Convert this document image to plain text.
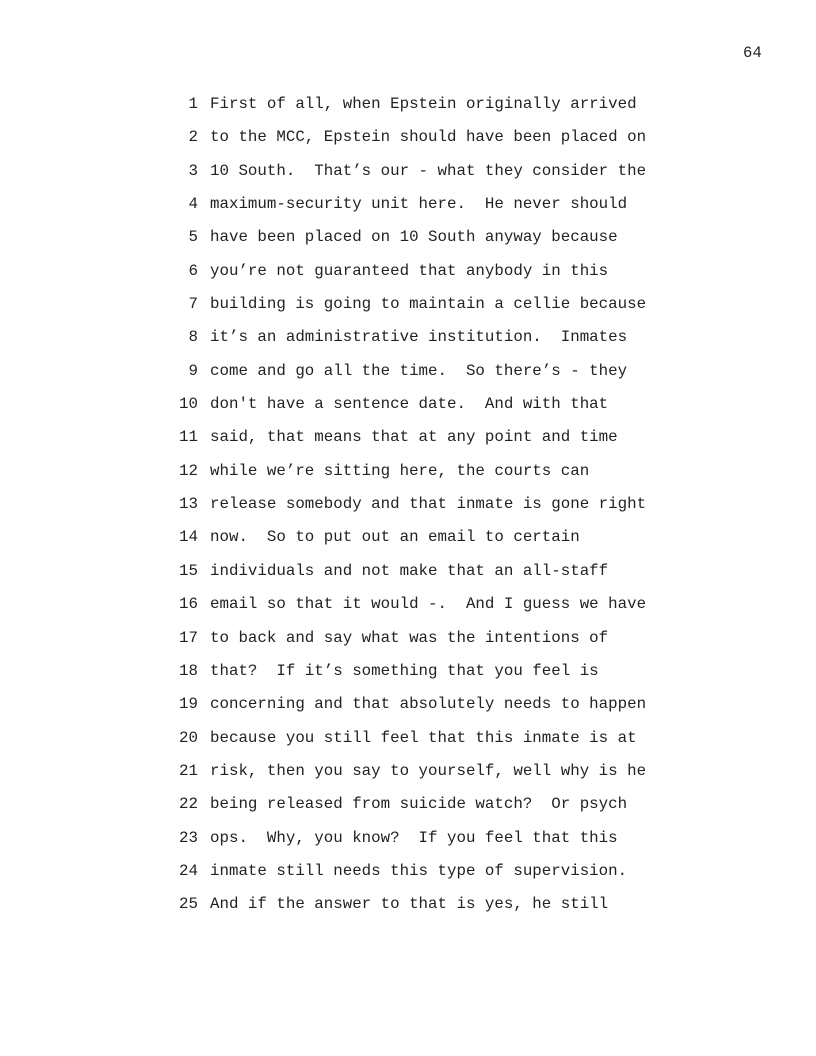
64
1 First of all, when Epstein originally arrived
2 to the MCC, Epstein should have been placed on
3 10 South.  That’s our - what they consider the
4 maximum-security unit here.  He never should
5 have been placed on 10 South anyway because
6 you’re not guaranteed that anybody in this
7 building is going to maintain a cellie because
8 it’s an administrative institution.  Inmates
9 come and go all the time.  So there’s - they
10 don't have a sentence date.  And with that
11 said, that means that at any point and time
12 while we’re sitting here, the courts can
13 release somebody and that inmate is gone right
14 now.  So to put out an email to certain
15 individuals and not make that an all-staff
16 email so that it would -.  And I guess we have
17 to back and say what was the intentions of
18 that?  If it’s something that you feel is
19 concerning and that absolutely needs to happen
20 because you still feel that this inmate is at
21 risk, then you say to yourself, well why is he
22 being released from suicide watch?  Or psych
23 ops.  Why, you know?  If you feel that this
24 inmate still needs this type of supervision.
25 And if the answer to that is yes, he still
